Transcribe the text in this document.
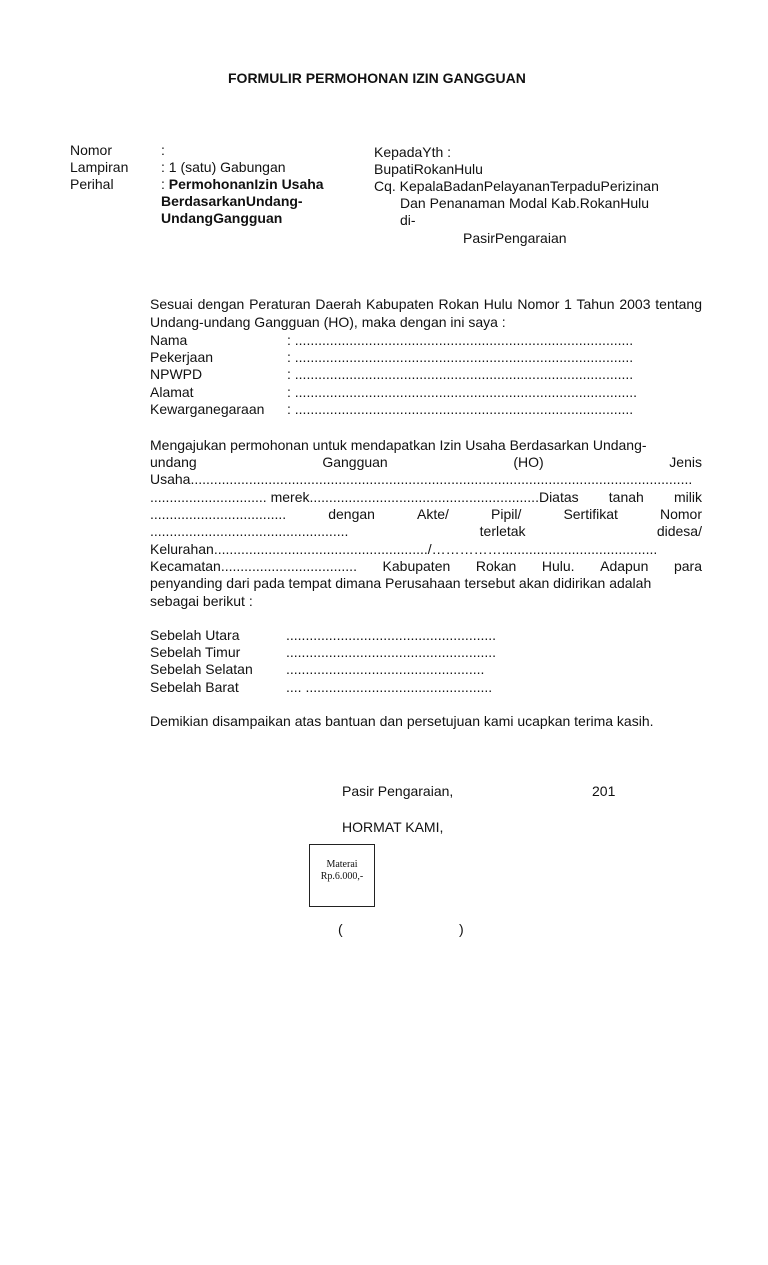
FORMULIR PERMOHONAN IZIN GANGGUAN
Nomor	:
Lampiran : 1 (satu) Gabungan
Perihal	: PermohonanIzin Usaha
BerdasarkanUndang-
UndangGangguan
KepadaYth :
BupatiRokanHulu
Cq. KepalaBadanPelayananTerpaduPerizinan
Dan Penanaman Modal Kab.RokanHulu
di-
PasirPengaraian
Sesuai dengan Peraturan Daerah Kabupaten Rokan Hulu Nomor 1 Tahun 2003 tentang Undang-undang Gangguan (HO), maka dengan ini saya :
Nama	: .......................................................................................
Pekerjaan	: .......................................................................................
NPWPD	: .......................................................................................
Alamat	: ........................................................................................
Kewarganegaraan : .......................................................................................
Mengajukan permohonan untuk mendapatkan Izin Usaha Berdasarkan Undang-
undang	Gangguan	(HO)	Jenis
Usaha.................................................................................................................................
.............................. merek...........................................................Diatas tanah milik
...................................	dengan	Akte/	Pipil/	Sertifikat	Nomor
...................................................	terletak	didesa/
Kelurahan......................................................./……………........................................
Kecamatan................................... Kabupaten Rokan Hulu. Adapun para
penyanding dari pada tempat dimana Perusahaan tersebut akan didirikan adalah
sebagai berikut :
Sebelah Utara	......................................................
Sebelah Timur	......................................................
Sebelah Selatan ...................................................
Sebelah Barat	.... ................................................
Demikian disampaikan atas bantuan dan persetujuan kami ucapkan terima kasih.
Pasir Pengaraian,	201
HORMAT KAMI,
Materai
Rp.6.000,-
(	)
